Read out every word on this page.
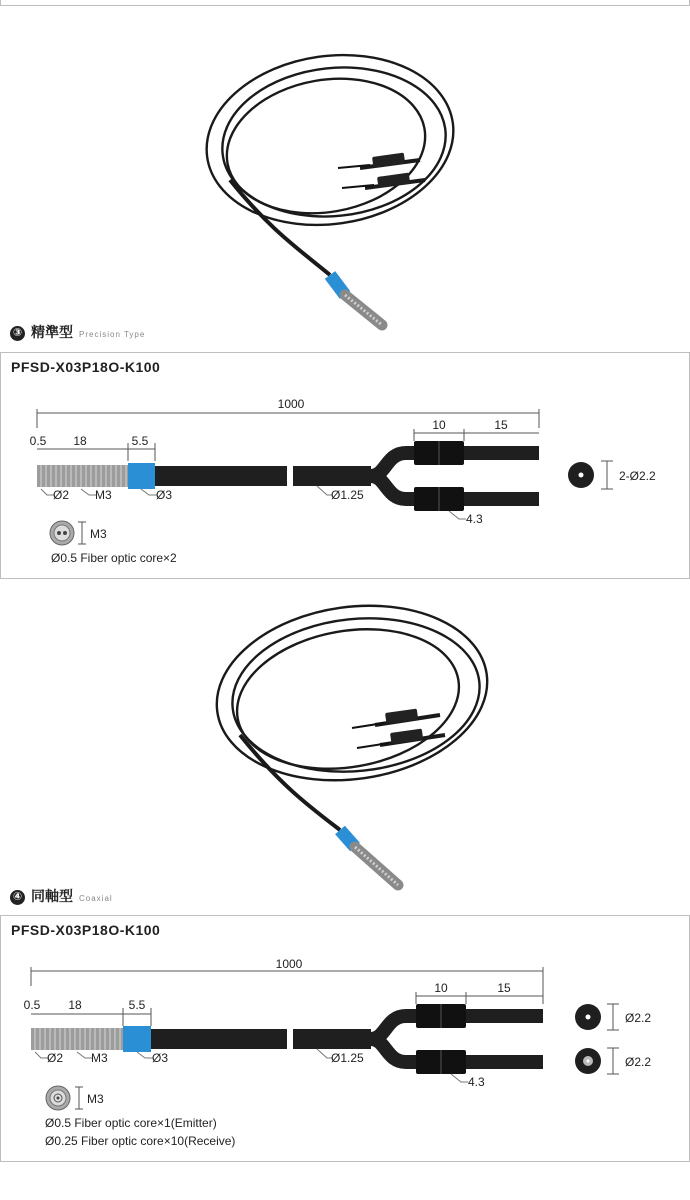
③ 精準型 Precision Type
PFSD-X03P18O-K100
1000
0.5 18	5.5
10	15
Ø2 M3	Ø3	Ø1.25
4.3
M3
2-Ø2.2
Ø0.5 Fiber optic core×2
④ 同軸型 Coaxial
PFSD-X03P18O-K100
1000
0.5 18	5.5
10	15
Ø2 M3	Ø3	Ø1.25
4.3
M3
Ø2.2
Ø2.2
Ø0.5 Fiber optic core×1(Emitter)
Ø0.25 Fiber optic core×10(Receive)
